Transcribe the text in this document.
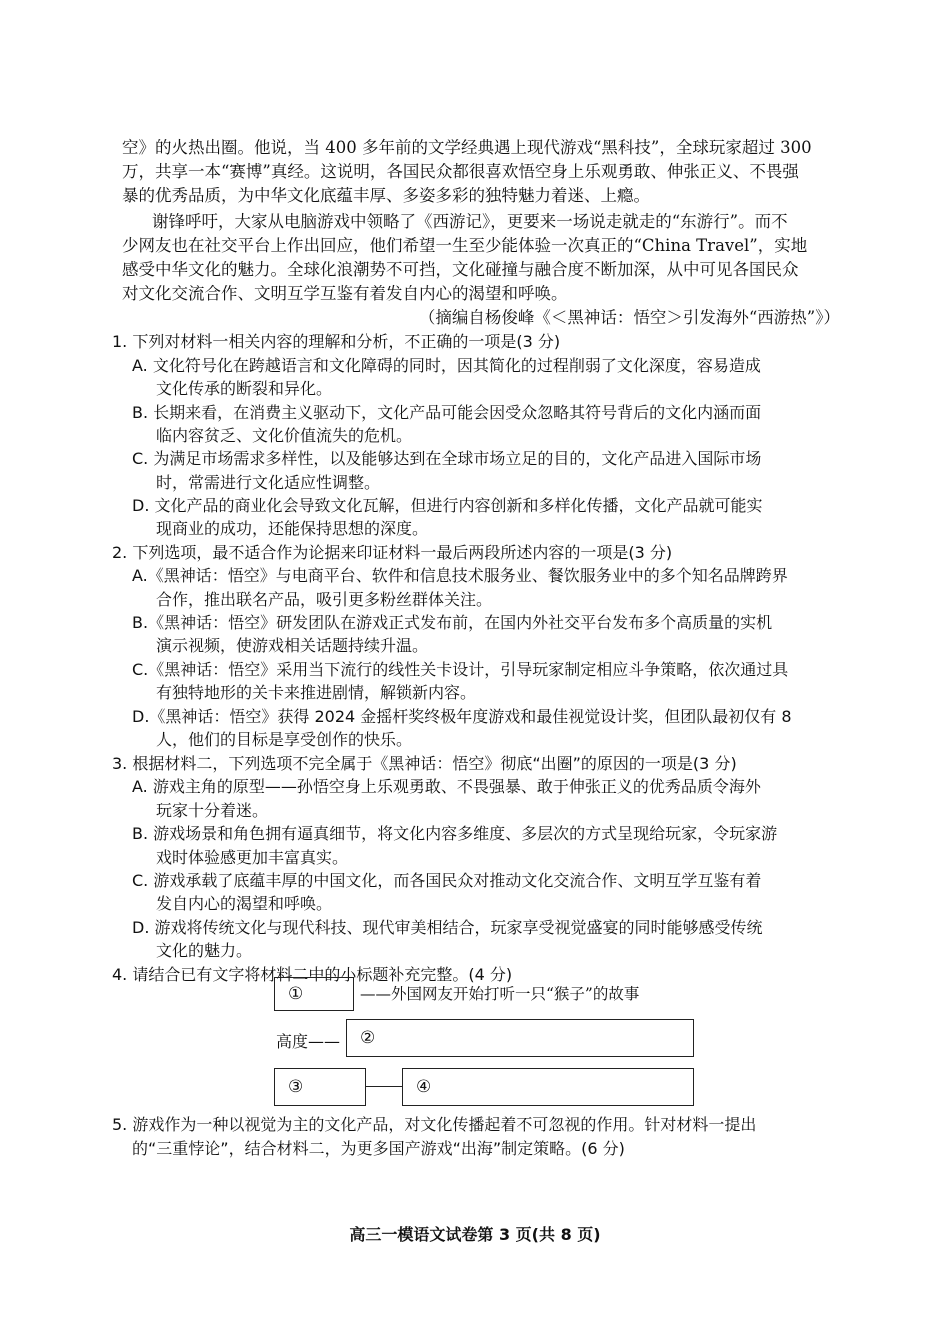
空》的火热出圈。他说，当 400 多年前的文学经典遇上现代游戏“黑科技”，全球玩家超过 300
万，共享一本“赛博”真经。这说明，各国民众都很喜欢悟空身上乐观勇敢、伸张正义、不畏强
暴的优秀品质，为中华文化底蕴丰厚、多姿多彩的独特魅力着迷、上瘾。
谢锋呼吁，大家从电脑游戏中领略了《西游记》，更要来一场说走就走的“东游行”。而不
少网友也在社交平台上作出回应，他们希望一生至少能体验一次真正的“China Travel”，实地
感受中华文化的魅力。全球化浪潮势不可挡，文化碰撞与融合度不断加深，从中可见各国民众
对文化交流合作、文明互学互鉴有着发自内心的渴望和呼唤。
（摘编自杨俊峰《＜黑神话：悟空＞引发海外“西游热”》）
1. 下列对材料一相关内容的理解和分析，不正确的一项是(3 分)
A. 文化符号化在跨越语言和文化障碍的同时，因其简化的过程削弱了文化深度，容易造成
文化传承的断裂和异化。
B. 长期来看，在消费主义驱动下，文化产品可能会因受众忽略其符号背后的文化内涵而面
临内容贫乏、文化价值流失的危机。
C. 为满足市场需求多样性，以及能够达到在全球市场立足的目的，文化产品进入国际市场
时，常需进行文化适应性调整。
D. 文化产品的商业化会导致文化瓦解，但进行内容创新和多样化传播，文化产品就可能实
现商业的成功，还能保持思想的深度。
2. 下列选项，最不适合作为论据来印证材料一最后两段所述内容的一项是(3 分)
A.《黑神话：悟空》与电商平台、软件和信息技术服务业、餐饮服务业中的多个知名品牌跨界
合作，推出联名产品，吸引更多粉丝群体关注。
B.《黑神话：悟空》研发团队在游戏正式发布前，在国内外社交平台发布多个高质量的实机
演示视频，使游戏相关话题持续升温。
C.《黑神话：悟空》采用当下流行的线性关卡设计，引导玩家制定相应斗争策略，依次通过具
有独特地形的关卡来推进剧情，解锁新内容。
D.《黑神话：悟空》获得 2024 金摇杆奖终极年度游戏和最佳视觉设计奖，但团队最初仅有 8
人，他们的目标是享受创作的快乐。
3. 根据材料二，下列选项不完全属于《黑神话：悟空》彻底“出圈”的原因的一项是(3 分)
A. 游戏主角的原型——孙悟空身上乐观勇敢、不畏强暴、敢于伸张正义的优秀品质令海外
玩家十分着迷。
B. 游戏场景和角色拥有逼真细节，将文化内容多维度、多层次的方式呈现给玩家，令玩家游
戏时体验感更加丰富真实。
C. 游戏承载了底蕴丰厚的中国文化，而各国民众对推动文化交流合作、文明互学互鉴有着
发自内心的渴望和呼唤。
D. 游戏将传统文化与现代科技、现代审美相结合，玩家享受视觉盛宴的同时能够感受传统
文化的魅力。
4. 请结合已有文字将材料二中的小标题补充完整。(4 分)
①	——外国网友开始打听一只“猴子”的故事
高度—— ②
③	④
5. 游戏作为一种以视觉为主的文化产品，对文化传播起着不可忽视的作用。针对材料一提出
的“三重悖论”，结合材料二，为更多国产游戏“出海”制定策略。(6 分)
高三一模语文试卷第 3 页(共 8 页)
